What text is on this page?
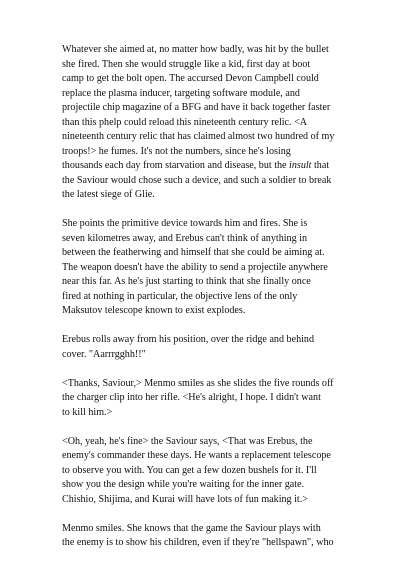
Whatever she aimed at, no matter how badly, was hit by the bullet
she fired. Then she would struggle like a kid, first day at boot
camp to get the bolt open. The accursed Devon Campbell could
replace the plasma inducer, targeting software module, and
projectile chip magazine of a BFG and have it back together faster
than this phelp could reload this nineteenth century relic. <A
nineteenth century relic that has claimed almost two hundred of my
troops!> he fumes. It's not the numbers, since he's losing
thousands each day from starvation and disease, but the insult that
the Saviour would chose such a device, and such a soldier to break
the latest siege of Glie.
She points the primitive device towards him and fires. She is
seven kilometres away, and Erebus can't think of anything in
between the featherwing and himself that she could be aiming at.
The weapon doesn't have the ability to send a projectile anywhere
near this far. As he's just starting to think that she finally once
fired at nothing in particular, the objective lens of the only
Maksutov telescope known to exist explodes.
Erebus rolls away from his position, over the ridge and behind
cover. "Aarrrgghh!!"
<Thanks, Saviour,> Menmo smiles as she slides the five rounds off
the charger clip into her rifle. <He's alright, I hope. I didn't want
to kill him.>
<Oh, yeah, he's fine> the Saviour says, <That was Erebus, the
enemy's commander these days. He wants a replacement telescope
to observe you with. You can get a few dozen bushels for it. I'll
show you the design while you're waiting for the inner gate.
Chishio, Shijima, and Kurai will have lots of fun making it.>
Menmo smiles. She knows that the game the Saviour plays with
the enemy is to show his children, even if they're "hellspawn", who
